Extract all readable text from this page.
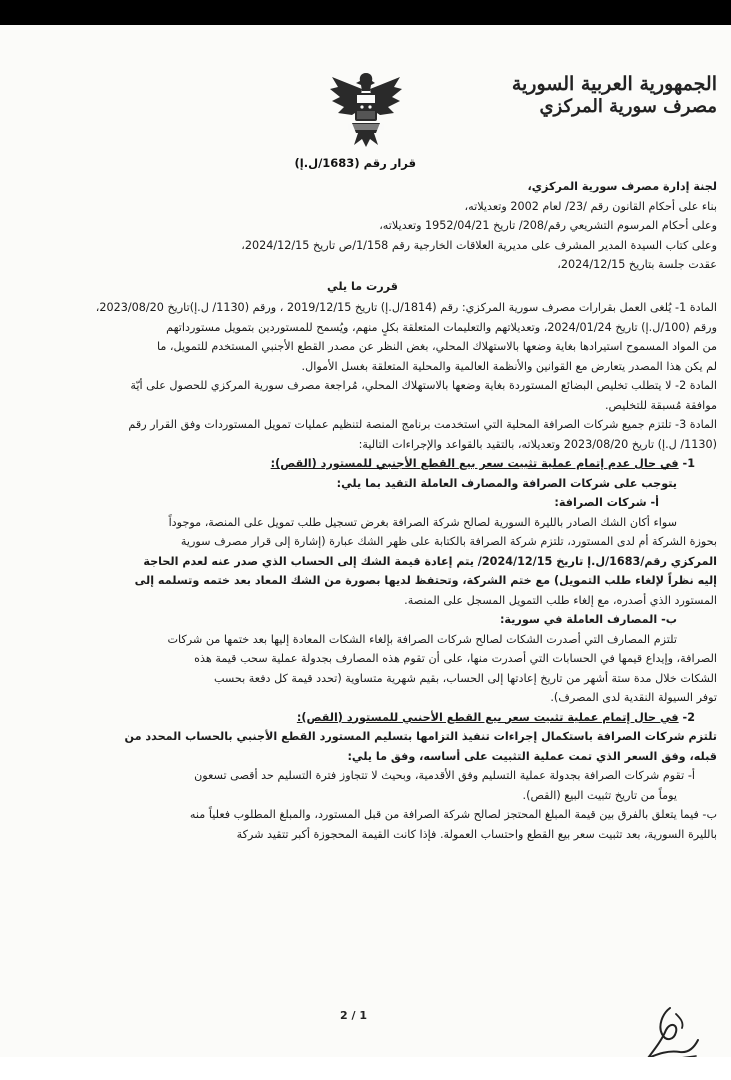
الجمهورية العربية السورية
مصرف سورية المركزي
قرار رقم (1683/ل.إ)

لجنة إدارة مصرف سورية المركزي،

بناء على أحكام القانون رقم /23/ لعام 2002 وتعديلاته،

وعلى أحكام المرسوم التشريعي رقم/208/ تاريخ 1952/04/21 وتعديلاته،

وعلى كتاب السيدة المدير المشرف على مديرية العلاقات الخارجية رقم 1/158/ص تاريخ 2024/12/15،

عقدت جلسة بتاريخ 2024/12/15،

قررت ما يلي

المادة 1- يُلغى العمل بقرارات مصرف سورية المركزي: رقم (1814/ل.إ) تاريخ 2019/12/15 ، ورقم (1130/ ل.إ)تاريخ 2023/08/20،

ورقم (100/ل.إ) تاريخ 2024/01/24، وتعديلاتهم والتعليمات المتعلقة بكلٍ منهم، ويُسمح للمستوردين بتمويل مستورداتهم

من المواد المسموح استيرادها بغاية وضعها بالاستهلاك المحلي، بغض النظر عن مصدر القطع الأجنبي المستخدم للتمويل، ما

لم يكن هذا المصدر يتعارض مع القوانين والأنظمة العالمية والمحلية المتعلقة بغسل الأموال.

المادة 2- لا يتطلب تخليص البضائع المستوردة بغاية وضعها بالاستهلاك المحلي، مُراجعة مصرف سورية المركزي للحصول على أيّة

موافقة مُسبقة للتخليص.

المادة 3- تلتزم جميع شركات الصرافة المحلية التي استخدمت برنامج المنصة لتنظيم عمليات تمويل المستوردات وفق القرار رقم

(1130/ ل.إ) تاريخ 2023/08/20 وتعديلاته، بالتقيد بالقواعد والإجراءات التالية:

1- في حال عدم إتمام عملية تثبيت سعر بيع القطع الأجنبي للمستورد (القص):

يتوجب على شركات الصرافة والمصارف العاملة التقيد بما يلي:

أ- شركات الصرافة:

سواء أكان الشك الصادر بالليرة السورية لصالح شركة الصرافة بغرض تسجيل طلب تمويل على المنصة، موجوداً

بحوزة الشركة أم لدى المستورد، تلتزم شركة الصرافة بالكتابة على ظهر الشك عبارة (إشارة إلى قرار مصرف سورية

المركزي رقم/1683/ل.إ تاريخ 2024/12/15/ يتم إعادة قيمة الشك إلى الحساب الذي صدر عنه لعدم الحاجة

إليه نظراً لإلغاء طلب التمويل) مع ختم الشركة، وتحتفظ لديها بصورة من الشك المعاد بعد ختمه وتسلمه إلى

المستورد الذي أصدره، مع إلغاء طلب التمويل المسجل على المنصة.

ب- المصارف العاملة في سورية:

تلتزم المصارف التي أصدرت الشكات لصالح شركات الصرافة بإلغاء الشكات المعادة إليها بعد ختمها من شركات

الصرافة، وإيداع قيمها في الحسابات التي أصدرت منها، على أن تقوم هذه المصارف بجدولة عملية سحب قيمة هذه

الشكات خلال مدة ستة أشهر من تاريخ إعادتها إلى الحساب، بقيم شهرية متساوية (تحدد قيمة كل دفعة بحسب

توفر السيولة النقدية لدى المصرف).

2- في حال إتمام عملية تثبيت سعر بيع القطع الأجنبي للمستورد (القص):

تلتزم شركات الصرافة باستكمال إجراءات تنفيذ التزامها بتسليم المستورد القطع الأجنبي بالحساب المحدد من

قبله، وفق السعر الذي تمت عملية التثبيت على أساسه، وفق ما يلي:

أ- تقوم شركات الصرافة بجدولة عملية التسليم وفق الأقدمية، وبحيث لا تتجاوز فترة التسليم حد أقصى تسعون

يوماً من تاريخ تثبيت البيع (القص).

ب- فيما يتعلق بالفرق بين قيمة المبلغ المحتجز لصالح شركة الصرافة من قبل المستورد، والمبلغ المطلوب فعلياً منه

بالليرة السورية، بعد تثبيت سعر بيع القطع واحتساب العمولة. فإذا كانت القيمة المحجوزة أكبر تتقيد شركة

2 / 1
